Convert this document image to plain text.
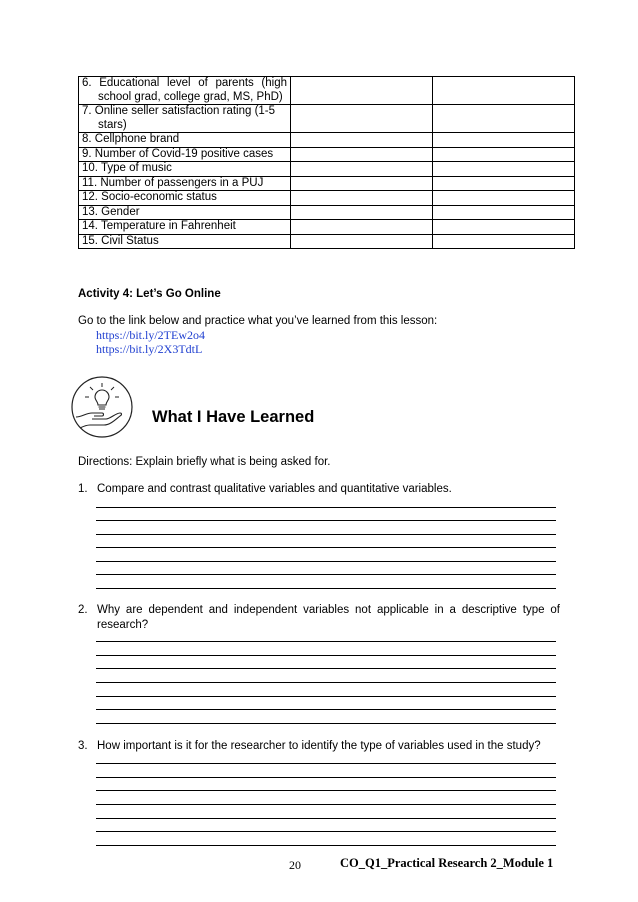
6. Educational level of parents (high school grad, college grad, MS, PhD)		

7. Online seller satisfaction rating (1-5 stars)		

8. Cellphone brand		
9. Number of Covid-19 positive cases		
10. Type of music		
11. Number of passengers in a PUJ		
12. Socio-economic status		
13. Gender		
14. Temperature in Fahrenheit		
15. Civil Status		
Activity 4: Let’s Go Online
Go to the link below and practice what you’ve learned from this lesson:
https://bit.ly/2TEw2o4
https://bit.ly/2X3TdtL
What I Have Learned
Directions: Explain briefly what is being asked for.
1. Compare and contrast qualitative variables and quantitative variables.
2. Why are dependent and independent variables not applicable in a descriptive type of research?
3. How important is it for the researcher to identify the type of variables used in the study?
20	CO_Q1_Practical Research 2_Module 1
